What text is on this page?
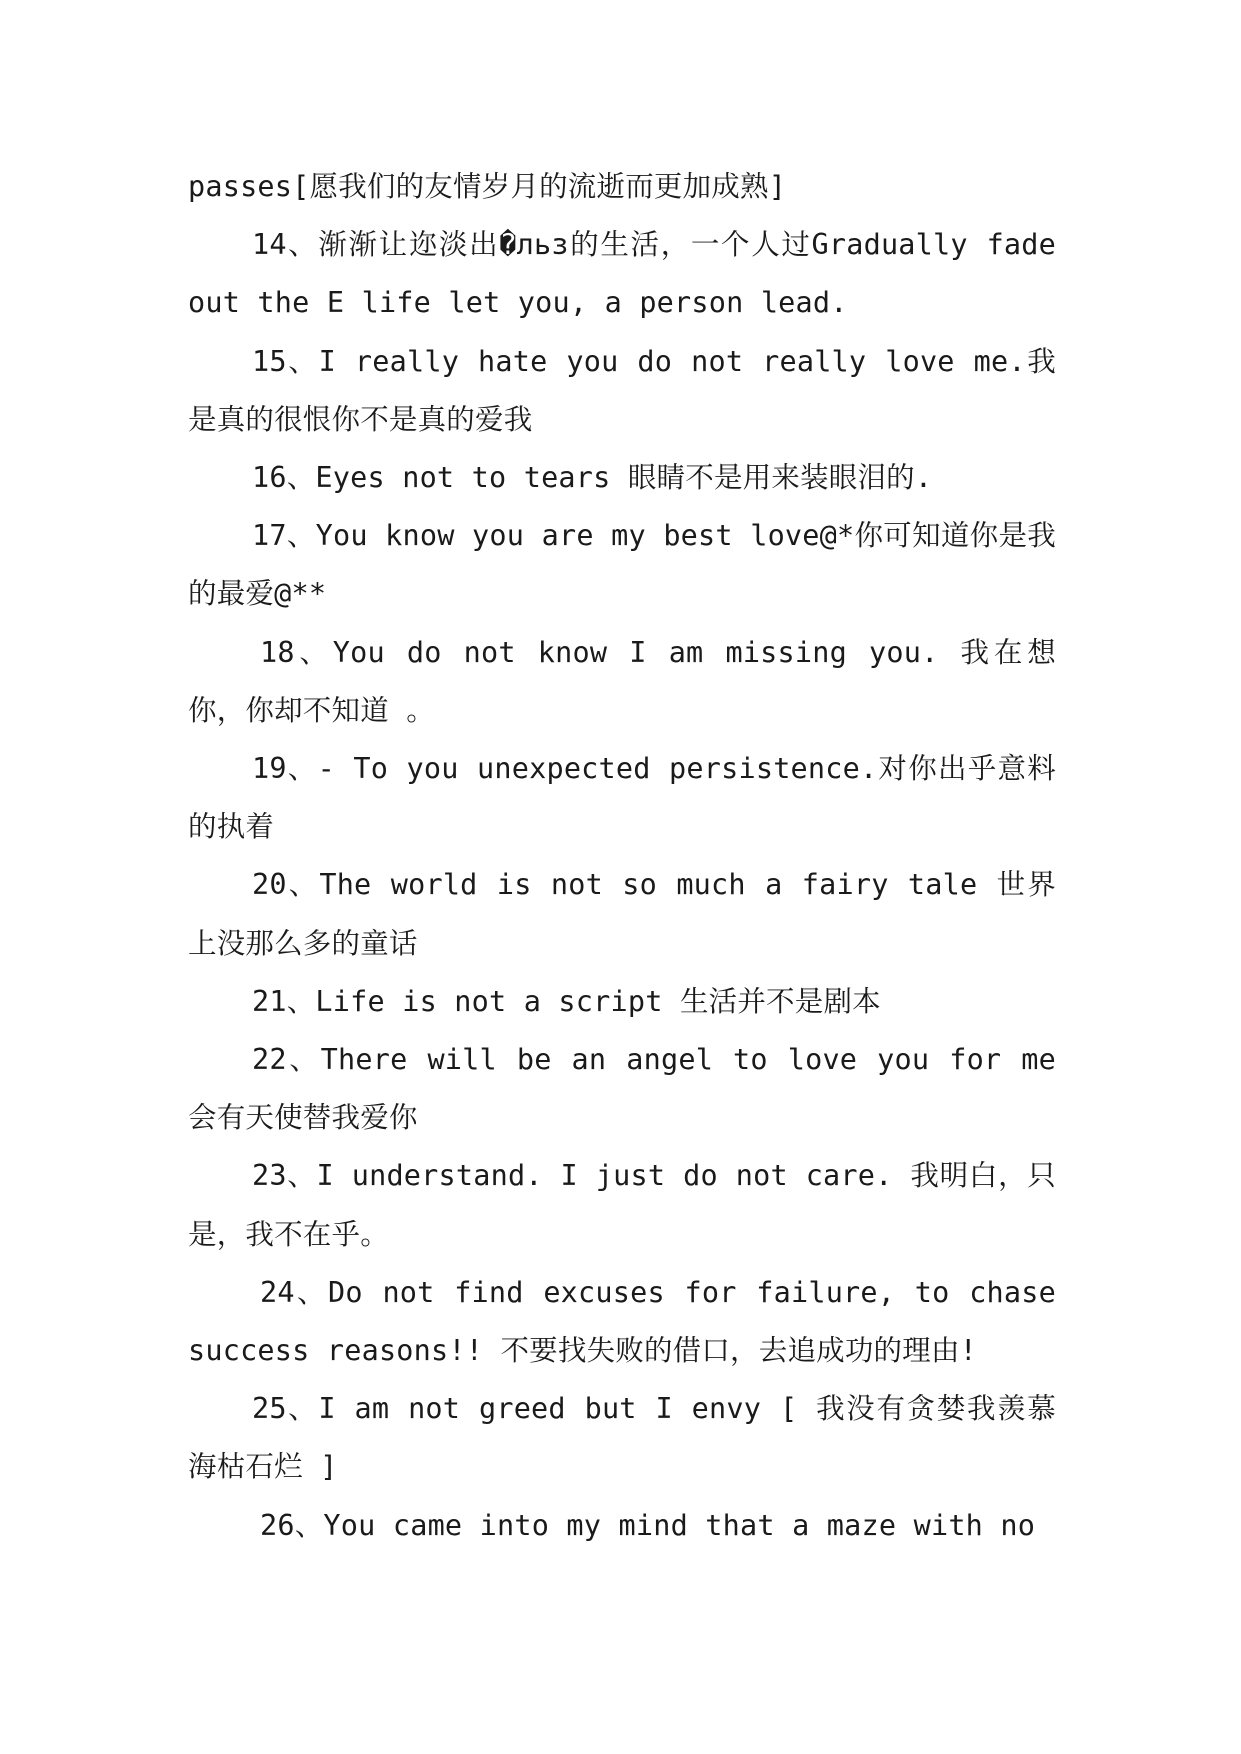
passes[愿我们的友情岁月的流逝而更加成熟]

14、渐渐让迩淡出�льз的生活，一个人过Gradually fade out the E life let you, a person lead.

15、I really hate you do not really love me.我是真的很恨你不是真的爱我

16、Eyes not to tears 眼睛不是用来装眼泪的.

17、You know you are my best love@*你可知道你是我的最爱@**

18、You do not know I am missing you. 我在想你，你却不知道 。

19、- To you unexpected persistence.对你出乎意料的执着

20、The world is not so much a fairy tale 世界上没那么多的童话

21、Life is not a script 生活并不是剧本

22、There will be an angel to love you for me 会有天使替我爱你

23、I understand. I just do not care. 我明白，只是，我不在乎。

24、Do not find excuses for failure, to chase success reasons!! 不要找失败的借口，去追成功的理由!

25、I am not greed but I envy [ 我没有贪婪我羡慕海枯石烂 ]

26、You came into my mind that a maze with no
